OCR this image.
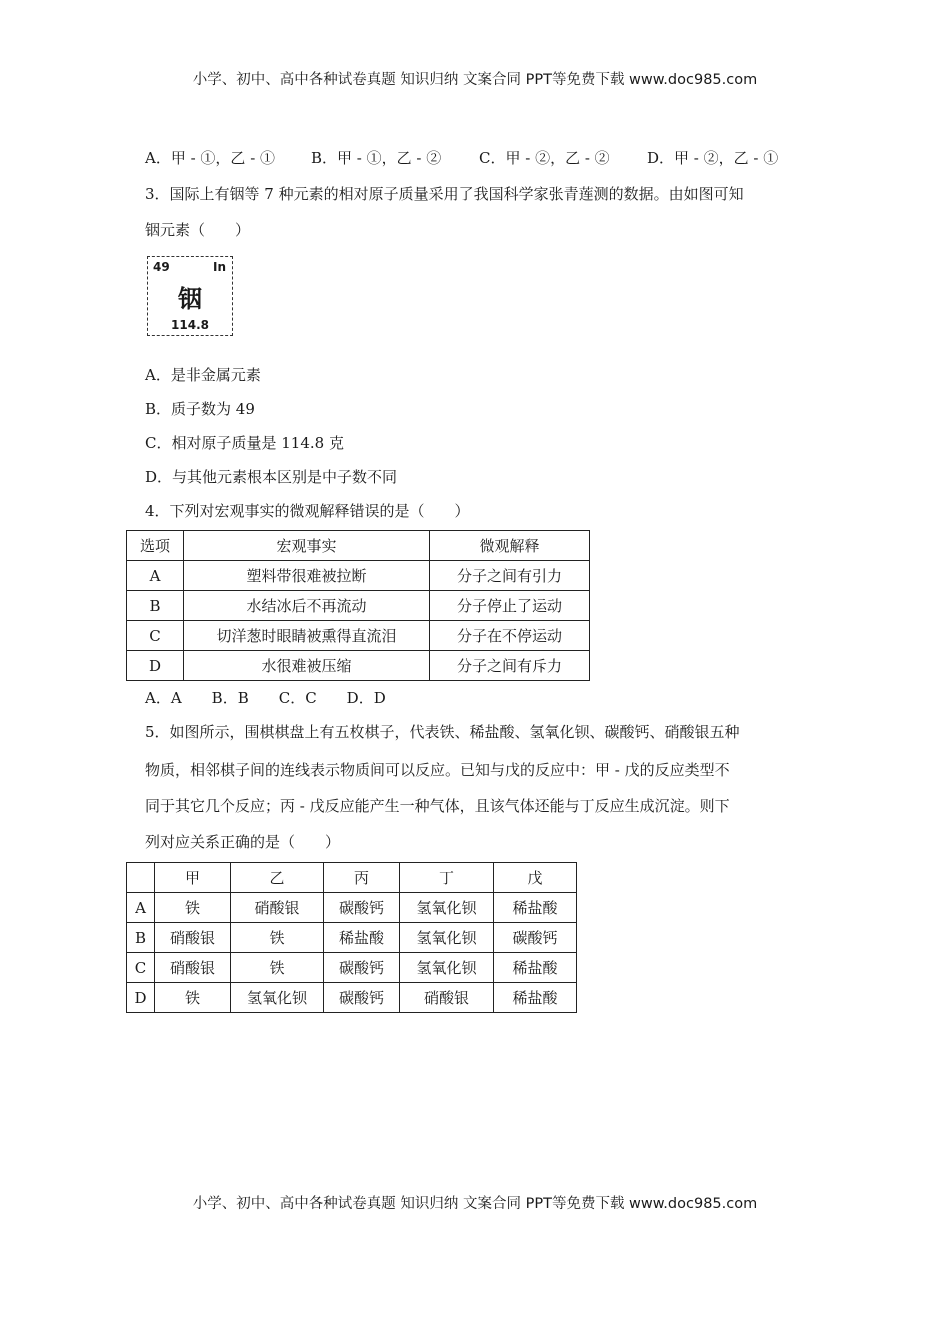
小学、初中、高中各种试卷真题 知识归纳 文案合同 PPT等免费下载 www.doc985.com
A．甲 - ①，乙 - ① B．甲 - ①，乙 - ②	C．甲 - ②，乙 - ② D．甲 - ②，乙 - ①
3．国际上有铟等 7 种元素的相对原子质量采用了我国科学家张青莲测的数据。由如图可知
铟元素（　　）
49	In
铟
114.8
A．是非金属元素
B．质子数为 49
C．相对原子质量是 114.8 克
D．与其他元素根本区别是中子数不同
4．下列对宏观事实的微观解释错误的是（　　）
选项	宏观事实	微观解释
A	塑料带很难被拉断	分子之间有引力
B	水结冰后不再流动	分子停止了运动
C	切洋葱时眼睛被熏得直流泪	分子在不停运动
D	水很难被压缩	分子之间有斥力
A．A　　B．B　　C．C　　D．D
5．如图所示，围棋棋盘上有五枚棋子，代表铁、稀盐酸、氢氧化钡、碳酸钙、硝酸银五种
物质，相邻棋子间的连线表示物质间可以反应。已知与戊的反应中：甲 - 戊的反应类型不
同于其它几个反应；丙 - 戊反应能产生一种气体，且该气体还能与丁反应生成沉淀。则下
列对应关系正确的是（　　）
	甲	乙	丙	丁	戊
A	铁	硝酸银	碳酸钙	氢氧化钡	稀盐酸
B	硝酸银	铁	稀盐酸	氢氧化钡	碳酸钙
C	硝酸银	铁	碳酸钙	氢氧化钡	稀盐酸
D	铁	氢氧化钡	碳酸钙	硝酸银	稀盐酸
小学、初中、高中各种试卷真题 知识归纳 文案合同 PPT等免费下载 www.doc985.com
